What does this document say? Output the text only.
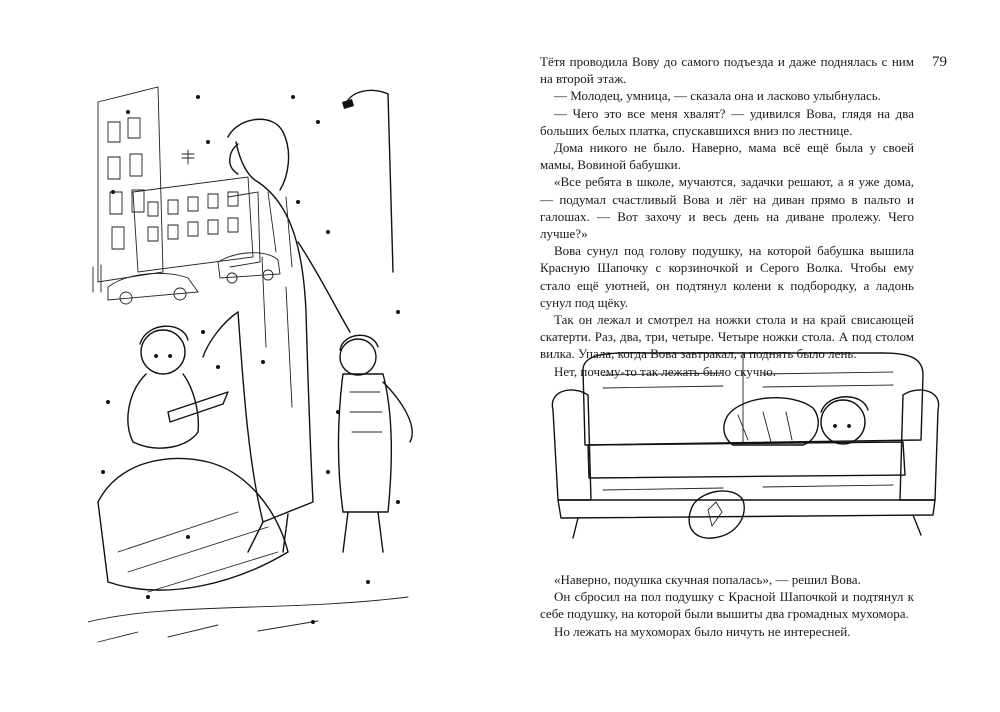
79

Тётя проводила Вову до самого подъезда и даже поднялась с ним на второй этаж.

— Молодец, умница, — сказала она и ласково улыбнулась.

— Чего это все меня хвалят? — удивился Вова, глядя на два больших белых платка, спускавшихся вниз по лестнице.

Дома никого не было. Наверно, мама всё ещё была у своей мамы, Вовиной бабушки.

«Все ребята в школе, мучаются, задачки решают, а я уже дома, — подумал счастливый Вова и лёг на диван прямо в пальто и галошах. — Вот захочу и весь день на диване пролежу. Чего лучше?»

Вова сунул под голову подушку, на которой бабушка вышила Красную Шапочку с корзиночкой и Серого Волка. Чтобы ему стало ещё уютней, он подтянул колени к подбородку, а ладонь сунул под щёку.

Так он лежал и смотрел на ножки стола и на край свисающей скатерти. Раз, два, три, четыре. Четыре ножки стола. А под столом вилка. Упала, когда Вова завтракал, а поднять было лень.

Нет, почему-то так лежать было скучно.

«Наверно, подушка скучная попалась», — решил Вова.

Он сбросил на пол подушку с Красной Шапочкой и подтянул к себе подушку, на которой были вышиты два громадных мухомора.

Но лежать на мухоморах было ничуть не интересней.
